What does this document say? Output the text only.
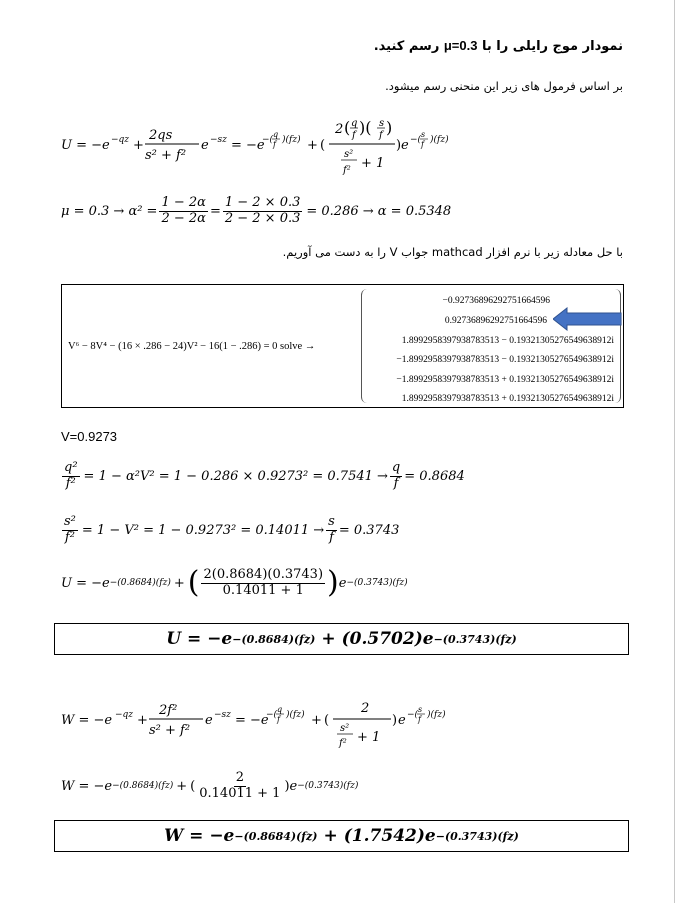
نمودار موج رایلی را با μ=0.3 رسم کنید.
بر اساس فرمول های زیر این منحنی رسم میشود.
U = −e −qz +
2qs
s² + f²
e −sz = −e
−(
q
f )(fz) + (
2 ( q
f )( s
f )
s²
f² + 1
) e −(
s
f )(fz)
$\mu = 0.3 \to \alpha^2 = \frac{1 - 2\alpha}{2 - 2\alpha} = \frac{1 - 2 \times 0.3}{2 - 2 \times 0.3} = 0.286 \to \alpha = 0.5348$
با حل معادله زیر با نرم افزار mathcad جواب V را به دست می آوریم.
V⁶ − 8V⁴ − (16 × .286 − 24)V² − 16(1 − .286) = 0 solve →
−0.92736896292751664596
0.92736896292751664596
1.8992958397938783513 − 0.19321305276549638912i
−1.8992958397938783513 − 0.19321305276549638912i
−1.8992958397938783513 + 0.19321305276549638912i
1.8992958397938783513 + 0.19321305276549638912i
V=0.9273
$\frac{\text{q²}}{\text{f²}} = 1 - \alpha^2V^2 = 1 - 0.286 \times 0.9273^2 = 0.7541 \to \frac{q}{f} = 0.8684$
$\frac{\text{s²}}{\text{f²}} = 1 - V^2 = 1 - 0.9273^2 = 0.14011 \to \frac{s}{f} = 0.3743$
U = −e −(0.8684)(fz) + ( $\frac{2(0.8684)(0.3743)}{0.14011 + 1}$ ) e −(0.3743)(fz)
U = −e −(0.8684)(fz) + (0.5702) e −(0.3743)(fz)
W = −e −qz +
2f²
s² + f²
e −sz = −e
−(
q
f )(fz) + (
2
s²
f² + 1
) e −(
s
f )(fz)
W = −e −(0.8684)(fz) + ( $\frac{2}{0.14011 + 1}$ ) e −(0.3743)(fz)
W = −e −(0.8684)(fz) + (1.7542) e −(0.3743)(fz)
